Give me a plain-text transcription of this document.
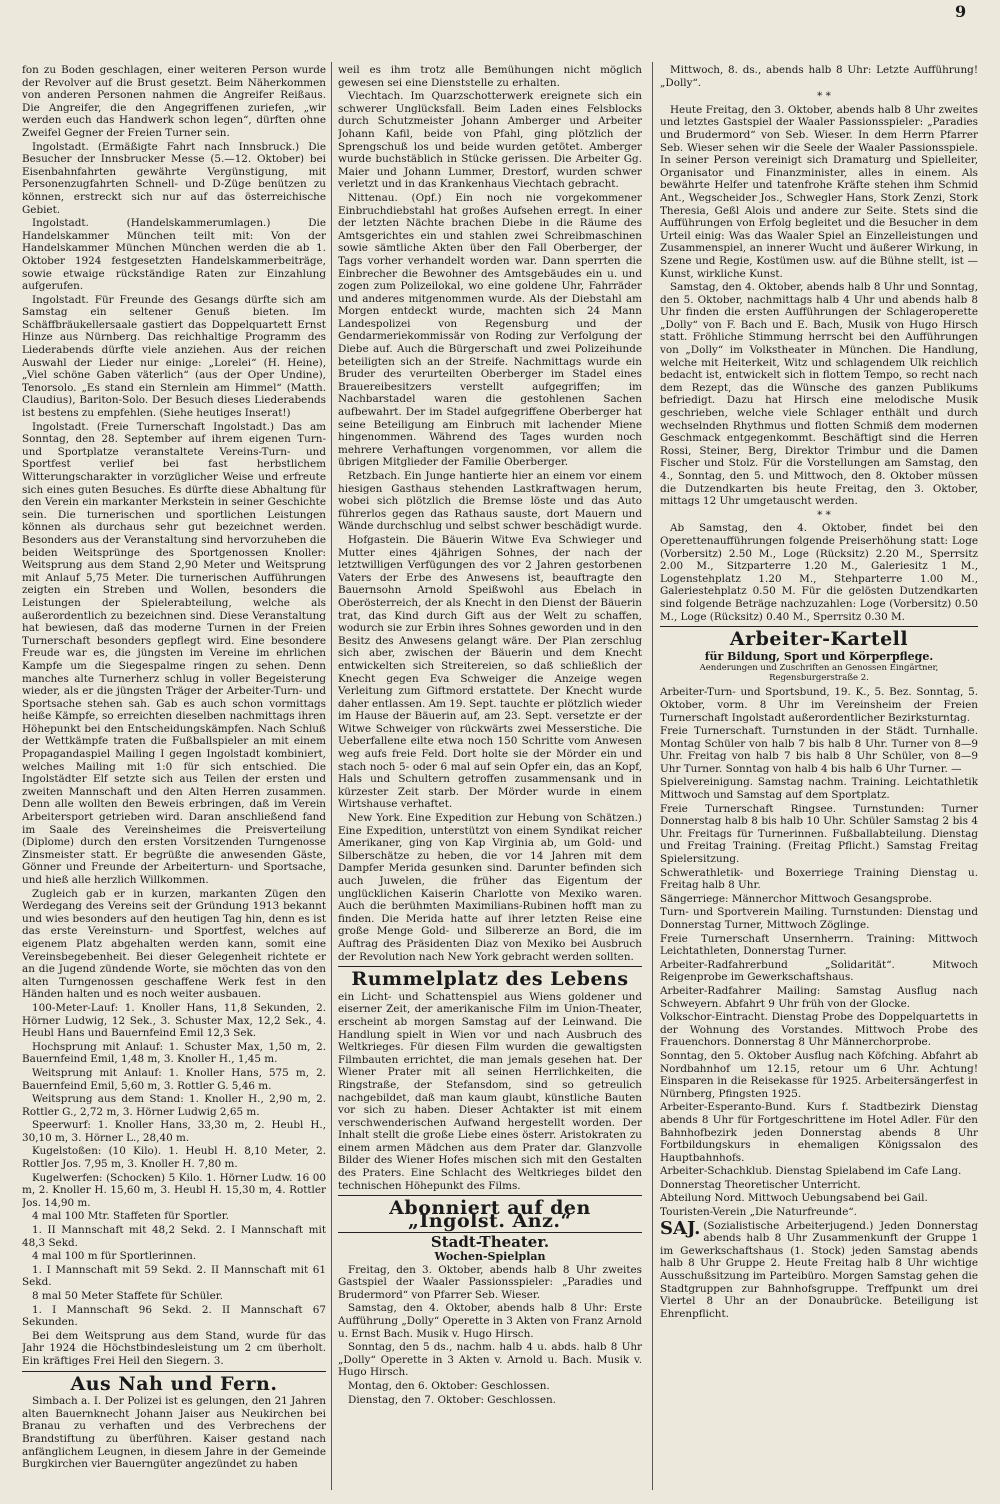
9

fon zu Boden geschlagen, einer weiteren Person wurde der Revolver auf die Brust gesetzt. Beim Näherkommen von anderen Personen nahmen die Angreifer Reißaus. Die Angreifer, die den Angegriffenen zuriefen, „wir werden euch das Handwerk schon legen“, dürften ohne Zweifel Gegner der Freien Turner sein.

Ingolstadt. (Ermäßigte Fahrt nach Innsbruck.) Die Besucher der Innsbrucker Messe (5.—12. Oktober) bei Eisenbahnfahrten gewährte Vergünstigung, mit Personenzugfahrten Schnell- und D-Züge benützen zu können, erstreckt sich nur auf das österreichische Gebiet.

Ingolstadt. (Handelskammerumlagen.) Die Handelskammer München teilt mit: Von der Handelskammer München München werden die ab 1. Oktober 1924 festgesetzten Handelskammerbeiträge, sowie etwaige rückständige Raten zur Einzahlung aufgerufen.

Ingolstadt. Für Freunde des Gesangs dürfte sich am Samstag ein seltener Genuß bieten. Im Schäffbräukellersaale gastiert das Doppelquartett Ernst Hinze aus Nürnberg. Das reichhaltige Programm des Liederabends dürfte viele anziehen. Aus der reichen Auswahl der Lieder nur einige: „Lorelei“ (H. Heine), „Viel schöne Gaben väterlich“ (aus der Oper Undine), Tenorsolo. „Es stand ein Sternlein am Himmel“ (Matth. Claudius), Bariton-Solo. Der Besuch dieses Liederabends ist bestens zu empfehlen. (Siehe heutiges Inserat!)

Ingolstadt. (Freie Turnerschaft Ingolstadt.) Das am Sonntag, den 28. September auf ihrem eigenen Turn- und Sportplatze veranstaltete Vereins-Turn- und Sportfest verlief bei fast herbstlichem Witterungscharakter in vorzüglicher Weise und erfreute sich eines guten Besuches. Es dürfte diese Abhaltung für den Verein ein markanter Merkstein in seiner Geschichte sein. Die turnerischen und sportlichen Leistungen können als durchaus sehr gut bezeichnet werden. Besonders aus der Veranstaltung sind hervorzuheben die beiden Weitsprünge des Sportgenossen Knoller: Weitsprung aus dem Stand 2,90 Meter und Weitsprung mit Anlauf 5,75 Meter. Die turnerischen Aufführungen zeigten ein Streben und Wollen, besonders die Leistungen der Spielerabteilung, welche als außerordentlich zu bezeichnen sind. Diese Veranstaltung hat bewiesen, daß das moderne Turnen in der Freien Turnerschaft besonders gepflegt wird. Eine besondere Freude war es, die jüngsten im Vereine im ehrlichen Kampfe um die Siegespalme ringen zu sehen. Denn manches alte Turnerherz schlug in voller Begeisterung wieder, als er die jüngsten Träger der Arbeiter-Turn- und Sportsache stehen sah. Gab es auch schon vormittags heiße Kämpfe, so erreichten dieselben nachmittags ihren Höhepunkt bei den Entscheidungskämpfen. Nach Schluß der Wettkämpfe traten die Fußballspieler an mit einem Propagandaspiel Mailing I gegen Ingolstadt kombiniert, welches Mailing mit 1:0 für sich entschied. Die Ingolstädter Elf setzte sich aus Teilen der ersten und zweiten Mannschaft und den Alten Herren zusammen. Denn alle wollten den Beweis erbringen, daß im Verein Arbeitersport getrieben wird. Daran anschließend fand im Saale des Vereinsheimes die Preisverteilung (Diplome) durch den ersten Vorsitzenden Turngenosse Zinsmeister statt. Er begrüßte die anwesenden Gäste, Gönner und Freunde der Arbeiterturn- und Sportsache, und hieß alle herzlich Willkommen.

Zugleich gab er in kurzen, markanten Zügen den Werdegang des Vereins seit der Gründung 1913 bekannt und wies besonders auf den heutigen Tag hin, denn es ist das erste Vereinsturn- und Sportfest, welches auf eigenem Platz abgehalten werden kann, somit eine Vereinsbegebenheit. Bei dieser Gelegenheit richtete er an die Jugend zündende Worte, sie möchten das von den alten Turngenossen geschaffene Werk fest in den Händen halten und es noch weiter ausbauen.

100-Meter-Lauf: 1. Knoller Hans, 11,8 Sekunden, 2. Hörner Ludwig, 12 Sek., 3. Schuster Max, 12,2 Sek., 4. Heubl Hans und Bauernfeind Emil 12,3 Sek.

Hochsprung mit Anlauf: 1. Schuster Max, 1,50 m, 2. Bauernfeind Emil, 1,48 m, 3. Knoller H., 1,45 m.

Weitsprung mit Anlauf: 1. Knoller Hans, 575 m, 2. Bauernfeind Emil, 5,60 m, 3. Rottler G. 5,46 m.

Weitsprung aus dem Stand: 1. Knoller H., 2,90 m, 2. Rottler G., 2,72 m, 3. Hörner Ludwig 2,65 m.

Speerwurf: 1. Knoller Hans, 33,30 m, 2. Heubl H., 30,10 m, 3. Hörner L., 28,40 m.

Kugelstoßen: (10 Kilo). 1. Heubl H. 8,10 Meter, 2. Rottler Jos. 7,95 m, 3. Knoller H. 7,80 m.

Kugelwerfen: (Schocken) 5 Kilo. 1. Hörner Ludw. 16 00 m, 2. Knoller H. 15,60 m, 3. Heubl H. 15,30 m, 4. Rottler Jos. 14,90 m.

4 mal 100 Mtr. Staffeten für Sportler.

1. II Mannschaft mit 48,2 Sekd. 2. I Mannschaft mit 48,3 Sekd.

4 mal 100 m für Sportlerinnen.

1. I Mannschaft mit 59 Sekd. 2. II Mannschaft mit 61 Sekd.

8 mal 50 Meter Staffete für Schüler.

1. I Mannschaft 96 Sekd. 2. II Mannschaft 67 Sekunden.

Bei dem Weitsprung aus dem Stand, wurde für das Jahr 1924 die Höchstbindesleistung um 2 cm überholt. Ein kräftiges Frei Heil den Siegern. 3.

Aus Nah und Fern.

Simbach a. I. Der Polizei ist es gelungen, den 21 Jahren alten Bauernknecht Johann Jaiser aus Neukirchen bei Branau zu verhaften und des Verbrechens der Brandstiftung zu überführen. Kaiser gestand nach anfänglichem Leugnen, in diesem Jahre in der Gemeinde Burgkirchen vier Bauerngüter angezündet zu haben

weil es ihm trotz alle Bemühungen nicht möglich gewesen sei eine Dienststelle zu erhalten.

Viechtach. Im Quarzschotterwerk ereignete sich ein schwerer Unglücksfall. Beim Laden eines Felsblocks durch Schutzmeister Johann Amberger und Arbeiter Johann Kafil, beide von Pfahl, ging plötzlich der Sprengschuß los und beide wurden getötet. Amberger wurde buchstäblich in Stücke gerissen. Die Arbeiter Gg. Maier und Johann Lummer, Drestorf, wurden schwer verletzt und in das Krankenhaus Viechtach gebracht.

Nittenau. (Opf.) Ein noch nie vorgekommener Einbruchdiebstahl hat großes Aufsehen erregt. In einer der letzten Nächte brachen Diebe in die Räume des Amtsgerichtes ein und stahlen zwei Schreibmaschinen sowie sämtliche Akten über den Fall Oberberger, der Tags vorher verhandelt worden war. Dann sperrten die Einbrecher die Bewohner des Amtsgebäudes ein u. und zogen zum Polizeilokal, wo eine goldene Uhr, Fahrräder und anderes mitgenommen wurde. Als der Diebstahl am Morgen entdeckt wurde, machten sich 24 Mann Landespolizei von Regensburg und der Gendarmeriekommissär von Roding zur Verfolgung der Diebe auf. Auch die Bürgerschaft und zwei Polizeihunde beteiligten sich an der Streife. Nachmittags wurde ein Bruder des verurteilten Oberberger im Stadel eines Brauereibesitzers verstellt aufgegriffen; im Nachbarstadel waren die gestohlenen Sachen aufbewahrt. Der im Stadel aufgegriffene Oberberger hat seine Beteiligung am Einbruch mit lachender Miene hingenommen. Während des Tages wurden noch mehrere Verhaftungen vorgenommen, vor allem die übrigen Mitglieder der Familie Oberberger.

Retzbach. Ein Junge hantierte hier an einem vor einem hiesigen Gasthaus stehenden Lastkraftwagen herum, wobei sich plötzlich die Bremse löste und das Auto führerlos gegen das Rathaus sauste, dort Mauern und Wände durchschlug und selbst schwer beschädigt wurde.

Hofgastein. Die Bäuerin Witwe Eva Schwieger und Mutter eines 4jährigen Sohnes, der nach der letztwilligen Verfügungen des vor 2 Jahren gestorbenen Vaters der Erbe des Anwesens ist, beauftragte den Bauernsohn Arnold Speißwohl aus Ebelach in Oberösterreich, der als Knecht in den Dienst der Bäuerin trat, das Kind durch Gift aus der Welt zu schaffen, wodurch sie zur Erbin ihres Sohnes geworden und in den Besitz des Anwesens gelangt wäre. Der Plan zerschlug sich aber, zwischen der Bäuerin und dem Knecht entwickelten sich Streitereien, so daß schließlich der Knecht gegen Eva Schweiger die Anzeige wegen Verleitung zum Giftmord erstattete. Der Knecht wurde daher entlassen. Am 19. Sept. tauchte er plötzlich wieder im Hause der Bäuerin auf, am 23. Sept. versetzte er der Witwe Schweiger von rückwärts zwei Messerstiche. Die Ueberfallene eilte etwa noch 150 Schritte vom Anwesen weg aufs freie Feld. Dort holte sie der Mörder ein und stach noch 5- oder 6 mal auf sein Opfer ein, das an Kopf, Hals und Schultern getroffen zusammensank und in kürzester Zeit starb. Der Mörder wurde in einem Wirtshause verhaftet.

New York. Eine Expedition zur Hebung von Schätzen.) Eine Expedition, unterstützt von einem Syndikat reicher Amerikaner, ging von Kap Virginia ab, um Gold- und Silberschätze zu heben, die vor 14 Jahren mit dem Dampfer Merida gesunken sind. Darunter befinden sich auch Juwelen, die früher das Eigentum der unglücklichen Kaiserin Charlotte von Mexiko waren. Auch die berühmten Maximilians-Rubinen hofft man zu finden. Die Merida hatte auf ihrer letzten Reise eine große Menge Gold- und Silbererze an Bord, die im Auftrag des Präsidenten Diaz von Mexiko bei Ausbruch der Revolution nach New York gebracht werden sollten.

Rummelplatz des Lebens

ein Licht- und Schattenspiel aus Wiens goldener und eiserner Zeit, der amerikanische Film im Union-Theater, erscheint ab morgen Samstag auf der Leinwand. Die Handlung spielt in Wien vor und nach Ausbruch des Weltkrieges. Für diesen Film wurden die gewaltigsten Filmbauten errichtet, die man jemals gesehen hat. Der Wiener Prater mit all seinen Herrlichkeiten, die Ringstraße, der Stefansdom, sind so getreulich nachgebildet, daß man kaum glaubt, künstliche Bauten vor sich zu haben. Dieser Achtakter ist mit einem verschwenderischen Aufwand hergestellt worden. Der Inhalt stellt die große Liebe eines österr. Aristokraten zu einem armen Mädchen aus dem Prater dar. Glanzvolle Bilder des Wiener Hofes mischen sich mit den Gestalten des Praters. Eine Schlacht des Weltkrieges bildet den technischen Höhepunkt des Films.

Abonniert auf den „Ingolst. Anz.“
Stadt-Theater.
Wochen-Spielplan

Freitag, den 3. Oktober, abends halb 8 Uhr zweites Gastspiel der Waaler Passionsspieler: „Paradies und Brudermord“ von Pfarrer Seb. Wieser.

Samstag, den 4. Oktober, abends halb 8 Uhr: Erste Aufführung „Dolly“ Operette in 3 Akten von Franz Arnold u. Ernst Bach. Musik v. Hugo Hirsch.

Sonntag, den 5 ds., nachm. halb 4 u. abds. halb 8 Uhr „Dolly“ Operette in 3 Akten v. Arnold u. Bach. Musik v. Hugo Hirsch.

Montag, den 6. Oktober: Geschlossen.

Dienstag, den 7. Oktober: Geschlossen.

Mittwoch, 8. ds., abends halb 8 Uhr: Letzte Aufführung! „Dolly“.

* *

Heute Freitag, den 3. Oktober, abends halb 8 Uhr zweites und letztes Gastspiel der Waaler Passionsspieler: „Paradies und Brudermord“ von Seb. Wieser. In dem Herrn Pfarrer Seb. Wieser sehen wir die Seele der Waaler Passionsspiele. In seiner Person vereinigt sich Dramaturg und Spielleiter, Organisator und Finanzminister, alles in einem. Als bewährte Helfer und tatenfrohe Kräfte stehen ihm Schmid Ant., Wegscheider Jos., Schwegler Hans, Stork Zenzi, Stork Theresia, Geßl Alois und andere zur Seite. Stets sind die Aufführungen von Erfolg begleitet und die Besucher in dem Urteil einig: Was das Waaler Spiel an Einzelleistungen und Zusammenspiel, an innerer Wucht und äußerer Wirkung, in Szene und Regie, Kostümen usw. auf die Bühne stellt, ist — Kunst, wirkliche Kunst.

Samstag, den 4. Oktober, abends halb 8 Uhr und Sonntag, den 5. Oktober, nachmittags halb 4 Uhr und abends halb 8 Uhr finden die ersten Aufführungen der Schlageroperette „Dolly“ von F. Bach und E. Bach, Musik von Hugo Hirsch statt. Fröhliche Stimmung herrscht bei den Aufführungen von „Dolly“ im Volkstheater in München. Die Handlung, welche mit Heiterkeit, Witz und schlagendem Ulk reichlich bedacht ist, entwickelt sich in flottem Tempo, so recht nach dem Rezept, das die Wünsche des ganzen Publikums befriedigt. Dazu hat Hirsch eine melodische Musik geschrieben, welche viele Schlager enthält und durch wechselnden Rhythmus und flotten Schmiß dem modernen Geschmack entgegenkommt. Beschäftigt sind die Herren Rossi, Steiner, Berg, Direktor Trimbur und die Damen Fischer und Stolz. Für die Vorstellungen am Samstag, den 4., Sonntag, den 5. und Mittwoch, den 8. Oktober müssen die Dutzendkarten bis heute Freitag, den 3. Oktober, mittags 12 Uhr umgetauscht werden.

* *

Ab Samstag, den 4. Oktober, findet bei den Operettenaufführungen folgende Preiserhöhung statt: Loge (Vorbersitz) 2.50 M., Loge (Rücksitz) 2.20 M., Sperrsitz 2.00 M., Sitzparterre 1.20 M., Galeriesitz 1 M., Logenstehplatz 1.20 M., Stehparterre 1.00 M., Galeriestehplatz 0.50 M. Für die gelösten Dutzendkarten sind folgende Beträge nachzuzahlen: Loge (Vorbersitz) 0.50 M., Loge (Rücksitz) 0.40 M., Sperrsitz 0.30 M.

Arbeiter-Kartell
für Bildung, Sport und Körperpflege.
Aenderungen und Zuschriften an Genossen Eingärtner, Regensburgerstraße 2.

Arbeiter-Turn- und Sportsbund, 19. K., 5. Bez. Sonntag, 5. Oktober, vorm. 8 Uhr im Vereinsheim der Freien Turnerschaft Ingolstadt außerordentlicher Bezirksturntag.

Freie Turnerschaft. Turnstunden in der Städt. Turnhalle. Montag Schüler von halb 7 bis halb 8 Uhr. Turner von 8—9 Uhr. Freitag von halb 7 bis halb 8 Uhr Schüler, von 8—9 Uhr Turner. Sonntag von halb 4 bis halb 6 Uhr Turner. —

Spielvereinigung. Samstag nachm. Training. Leichtathletik Mittwoch und Samstag auf dem Sportplatz.

Freie Turnerschaft Ringsee. Turnstunden: Turner Donnerstag halb 8 bis halb 10 Uhr. Schüler Samstag 2 bis 4 Uhr. Freitags für Turnerinnen. Fußballabteilung. Dienstag und Freitag Training. (Freitag Pflicht.) Samstag Freitag Spielersitzung.

Schwerathletik- und Boxerriege Training Dienstag u. Freitag halb 8 Uhr.

Sängerriege: Männerchor Mittwoch Gesangsprobe.

Turn- und Sportverein Mailing. Turnstunden: Dienstag und Donnerstag Turner, Mittwoch Zöglinge.

Freie Turnerschaft Unsernherrn. Training: Mittwoch Leichtathleten, Donnerstag Turner.

Arbeiter-Radfahrerbund „Solidarität“. Mitwoch Reigenprobe im Gewerkschaftshaus.

Arbeiter-Radfahrer Mailing: Samstag Ausflug nach Schweyern. Abfahrt 9 Uhr früh von der Glocke.

Volkschor-Eintracht. Dienstag Probe des Doppelquartetts in der Wohnung des Vorstandes. Mittwoch Probe des Frauenchors. Donnerstag 8 Uhr Männerchorprobe.

Sonntag, den 5. Oktober Ausflug nach Köfching. Abfahrt ab Nordbahnhof um 12.15, retour um 6 Uhr. Achtung! Einsparen in die Reisekasse für 1925. Arbeitersängerfest in Nürnberg, Pfingsten 1925.

Arbeiter-Esperanto-Bund. Kurs f. Stadtbezirk Dienstag abends 8 Uhr für Fortgeschrittene im Hotel Adler. Für den Bahnhofbezirk jeden Donnerstag abends 8 Uhr Fortbildungskurs in ehemaligen Königssalon des Hauptbahnhofs.

Arbeiter-Schachklub. Dienstag Spielabend im Cafe Lang.

Donnerstag Theoretischer Unterricht.

Abteilung Nord. Mittwoch Uebungsabend bei Gail.

Touristen-Verein „Die Naturfreunde“.

SAJ. (Sozialistische Arbeiterjugend.) Jeden Donnerstag abends halb 8 Uhr Zusammenkunft der Gruppe 1 im Gewerkschaftshaus (1. Stock) jeden Samstag abends halb 8 Uhr Gruppe 2. Heute Freitag halb 8 Uhr wichtige Ausschußsitzung im Parteibüro. Morgen Samstag gehen die Stadtgruppen zur Bahnhofsgruppe. Treffpunkt um drei Viertel 8 Uhr an der Donaubrücke. Beteiligung ist Ehrenpflicht.
